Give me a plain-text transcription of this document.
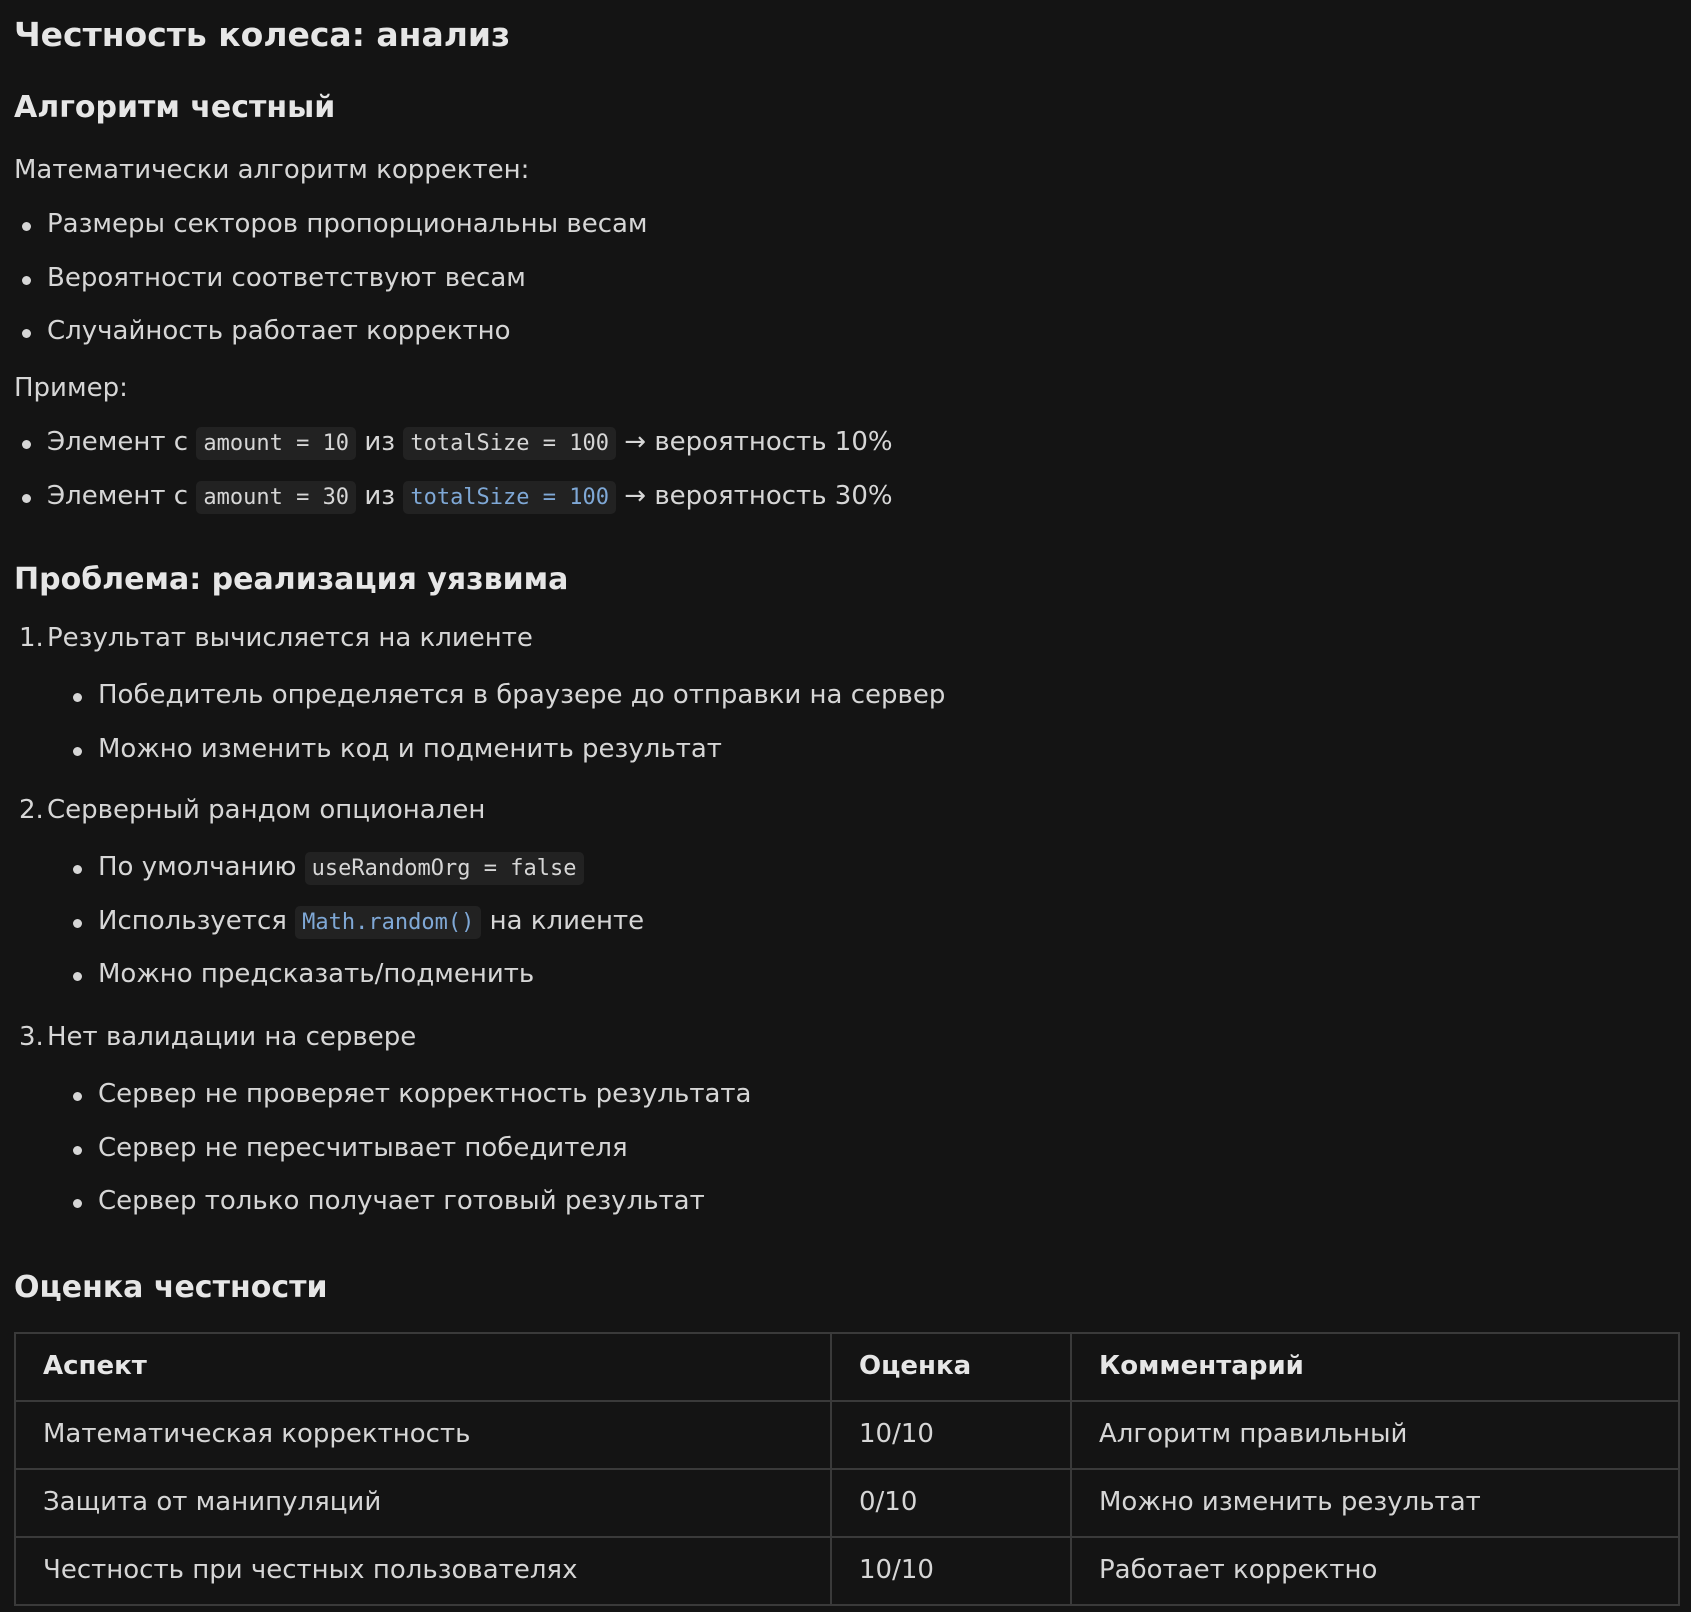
Честность колеса: анализ
Алгоритм честный

Математически алгоритм корректен:

Размеры секторов пропорциональны весам
Вероятности соответствуют весам
Случайность работает корректно

Пример:

Элемент с amount = 10 из totalSize = 100 → вероятность 10%
Элемент с amount = 30 из totalSize = 100 → вероятность 30%
Проблема: реализация уязвима
1. Результат вычисляется на клиенте
Победитель определяется в браузере до отправки на сервер
Можно изменить код и подменить результат
2. Серверный рандом опционален
По умолчанию useRandomOrg = false
Используется Math.random() на клиенте
Можно предсказать/подменить
3. Нет валидации на сервере
Сервер не проверяет корректность результата
Сервер не пересчитывает победителя
Сервер только получает готовый результат
Оценка честности
Аспект	Оценка	Комментарий
Математическая корректность	10/10	Алгоритм правильный
Защита от манипуляций	0/10	Можно изменить результат
Честность при честных пользователях	10/10	Работает корректно
